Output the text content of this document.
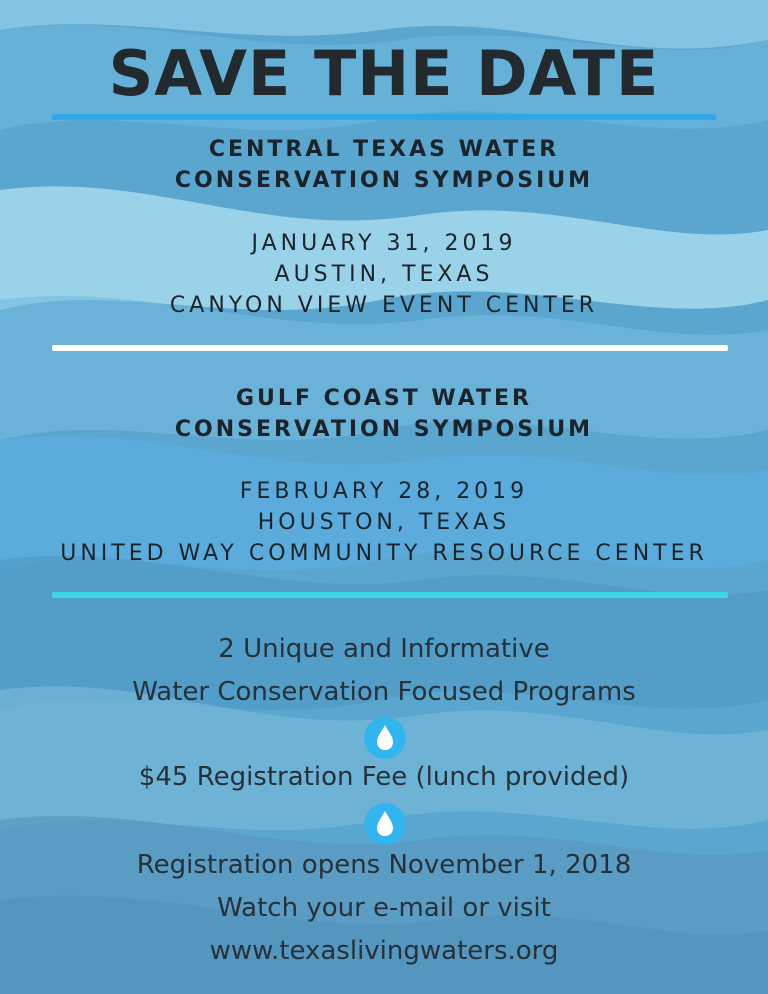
SAVE THE DATE
CENTRAL TEXAS WATER
CONSERVATION SYMPOSIUM
JANUARY 31, 2019
AUSTIN, TEXAS
CANYON VIEW EVENT CENTER
GULF COAST WATER
CONSERVATION SYMPOSIUM
FEBRUARY 28, 2019
HOUSTON, TEXAS
UNITED WAY COMMUNITY RESOURCE CENTER
2 Unique and Informative
Water Conservation Focused Programs
$45 Registration Fee (lunch provided)
Registration opens November 1, 2018
Watch your e-mail or visit
www.texaslivingwaters.org
